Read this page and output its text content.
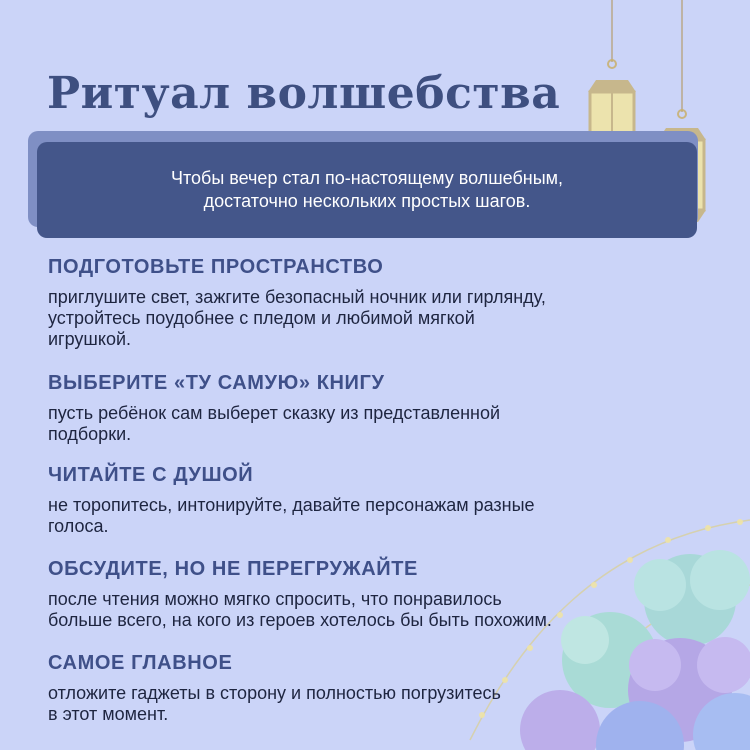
Ритуал волшебства

Чтобы вечер стал по-настоящему волшебным,
достаточно нескольких простых шагов.

ПОДГОТОВЬТЕ ПРОСТРАНСТВО

приглушите свет, зажгите безопасный ночник или гирлянду,
устройтесь поудобнее с пледом и любимой мягкой
игрушкой.

ВЫБЕРИТЕ «ТУ САМУЮ» КНИГУ

пусть ребёнок сам выберет сказку из представленной
подборки.

ЧИТАЙТЕ С ДУШОЙ

не торопитесь, интонируйте, давайте персонажам разные
голоса.

ОБСУДИТЕ, НО НЕ ПЕРЕГРУЖАЙТЕ

после чтения можно мягко спросить, что понравилось
больше всего, на кого из героев хотелось бы быть похожим.

САМОЕ ГЛАВНОЕ

отложите гаджеты в сторону и полностью погрузитесь
в этот момент.
